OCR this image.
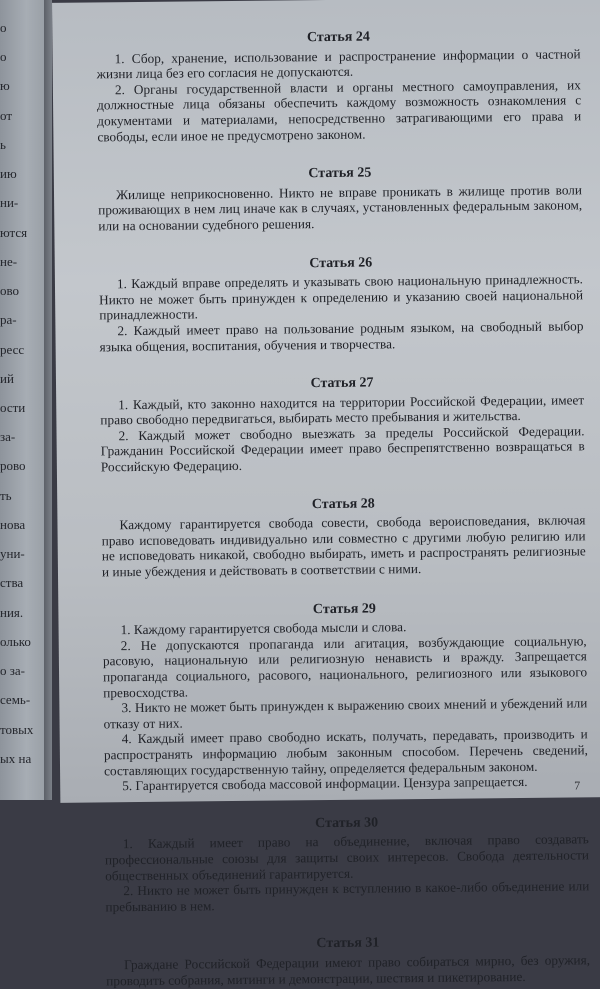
о
о
ю
от
ь
ию
ни-
ются
не-
ово
ра-
ресс
ий
ости
за-
рово
ть
нова
уни-
ства
ния.
олько
о за-
семь-
товых
ых на
Статья 24

1. Сбор, хранение, использование и распространение информации о частной жизни лица без его согласия не допускаются.

2. Органы государственной власти и органы местного самоуправления, их должностные лица обязаны обеспечить каждому возможность ознакомления с документами и материалами, непосредственно затрагивающими его права и свободы, если иное не предусмотрено законом.

Статья 25

Жилище неприкосновенно. Никто не вправе проникать в жилище против воли проживающих в нем лиц иначе как в случаях, установленных федеральным законом, или на основании судебного решения.

Статья 26

1. Каждый вправе определять и указывать свою национальную принадлежность. Никто не может быть принужден к определению и указанию своей национальной принадлежности.

2. Каждый имеет право на пользование родным языком, на свободный выбор языка общения, воспитания, обучения и творчества.

Статья 27

1. Каждый, кто законно находится на территории Российской Федерации, имеет право свободно передвигаться, выбирать место пребывания и жительства.

2. Каждый может свободно выезжать за пределы Российской Федерации. Гражданин Российской Федерации имеет право беспрепятственно возвращаться в Российскую Федерацию.

Статья 28

Каждому гарантируется свобода совести, свобода вероисповедания, включая право исповедовать индивидуально или совместно с другими любую религию или не исповедовать никакой, свободно выбирать, иметь и распространять религиозные и иные убеждения и действовать в соответствии с ними.

Статья 29

1. Каждому гарантируется свобода мысли и слова.

2. Не допускаются пропаганда или агитация, возбуждающие социальную, расовую, национальную или религиозную ненависть и вражду. Запрещается пропаганда социального, расового, национального, религиозного или языкового превосходства.

3. Никто не может быть принужден к выражению своих мнений и убеждений или отказу от них.

4. Каждый имеет право свободно искать, получать, передавать, производить и распространять информацию любым законным способом. Перечень сведений, составляющих государственную тайну, определяется федеральным законом.

5. Гарантируется свобода массовой информации. Цензура запрещается.

Статья 30

1. Каждый имеет право на объединение, включая право создавать профессиональные союзы для защиты своих интересов. Свобода деятельности общественных объединений гарантируется.

2. Никто не может быть принужден к вступлению в какое-либо объединение или пребыванию в нем.

Статья 31

Граждане Российской Федерации имеют право собираться мирно, без оружия, проводить собрания, митинги и демонстрации, шествия и пикетирование.

7
